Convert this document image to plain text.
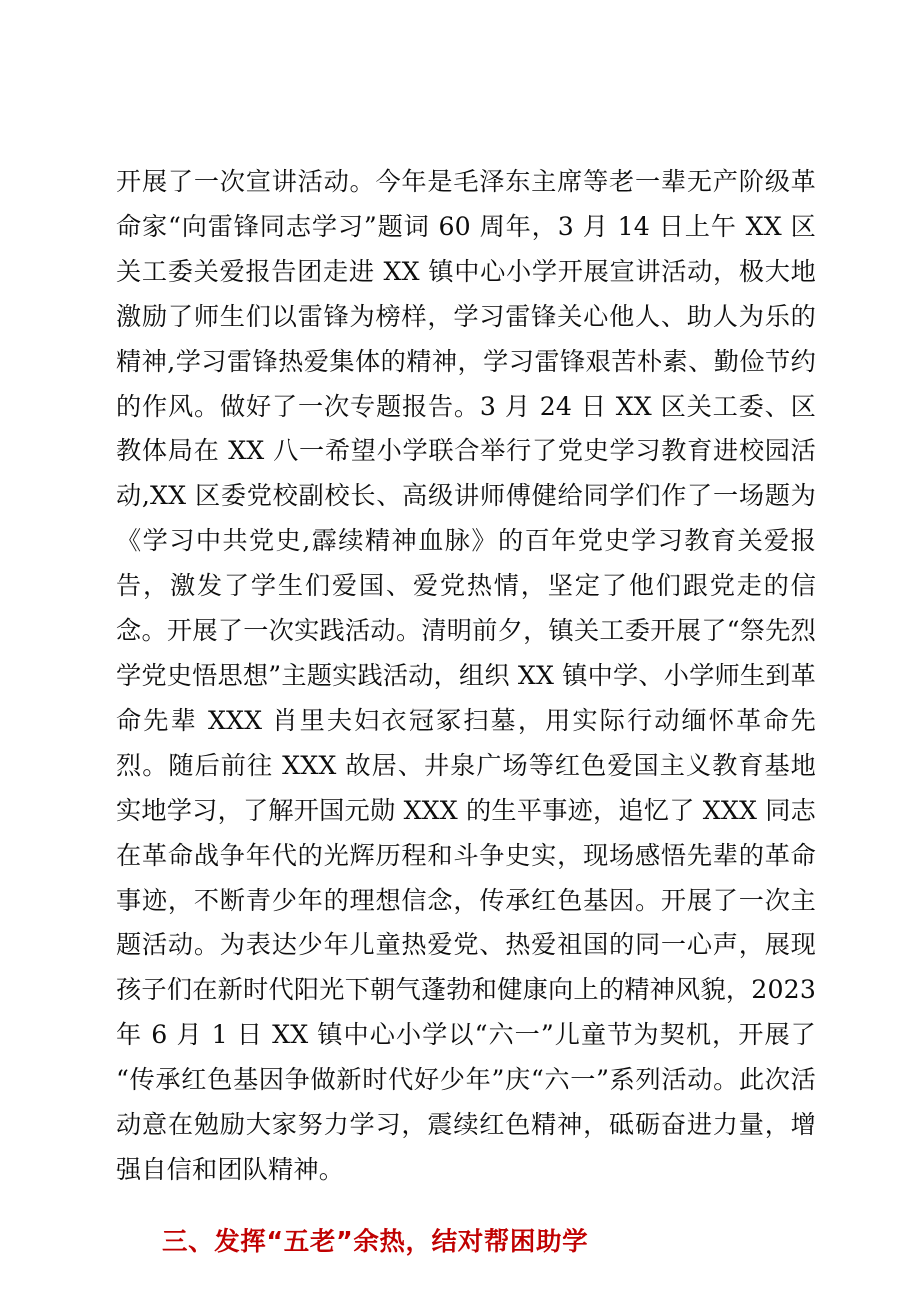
开展了一次宣讲活动。今年是毛泽东主席等老一辈无产阶级革命家“向雷锋同志学习”题词 60 周年，3 月 14 日上午 XX 区关工委关爱报告团走进 XX 镇中心小学开展宣讲活动，极大地激励了师生们以雷锋为榜样，学习雷锋关心他人、助人为乐的精神,学习雷锋热爱集体的精神，学习雷锋艰苦朴素、勤俭节约的作风。做好了一次专题报告。3 月 24 日 XX 区关工委、区教体局在 XX 八一希望小学联合举行了党史学习教育进校园活动,XX 区委党校副校长、高级讲师傅健给同学们作了一场题为《学习中共党史,霹续精神血脉》的百年党史学习教育关爱报告，激发了学生们爱国、爱党热情，坚定了他们跟党走的信念。开展了一次实践活动。清明前夕，镇关工委开展了“祭先烈学党史悟思想”主题实践活动，组织 XX 镇中学、小学师生到革命先辈 XXX 肖里夫妇衣冠冢扫墓，用实际行动缅怀革命先烈。随后前往 XXX 故居、井泉广场等红色爱国主义教育基地实地学习，了解开国元勋 XXX 的生平事迹，追忆了 XXX 同志在革命战争年代的光辉历程和斗争史实，现场感悟先辈的革命事迹，不断青少年的理想信念，传承红色基因。开展了一次主题活动。为表达少年儿童热爱党、热爱祖国的同一心声，展现孩子们在新时代阳光下朝气蓬勃和健康向上的精神风貌，2023 年 6 月 1 日 XX 镇中心小学以“六一”儿童节为契机，开展了“传承红色基因争做新时代好少年”庆“六一”系列活动。此次活动意在勉励大家努力学习，震续红色精神，砥砺奋进力量，增强自信和团队精神。

三、发挥“五老”余热，结对帮困助学
